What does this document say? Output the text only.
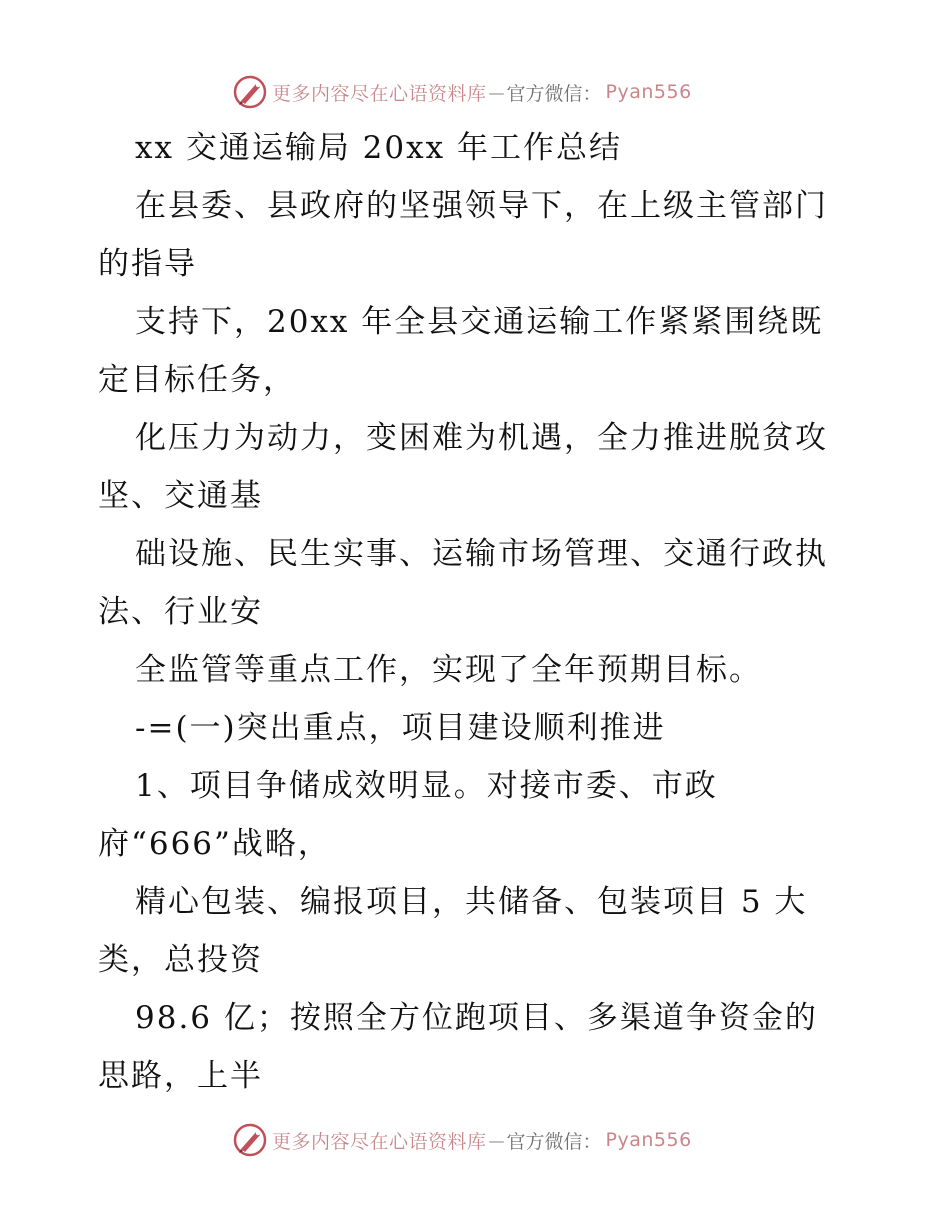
更多内容尽在心语资料库 — 官方微信： Pyan556
xx 交通运输局 20xx 年工作总结
在县委、县政府的坚强领导下，在上级主管部门
的指导
支持下，20xx 年全县交通运输工作紧紧围绕既
定目标任务，
化压力为动力，变困难为机遇，全力推进脱贫攻
坚、交通基
础设施、民生实事、运输市场管理、交通行政执
法、行业安
全监管等重点工作，实现了全年预期目标。
-=(一)突出重点，项目建设顺利推进
1、项目争储成效明显。对接市委、市政
府“666”战略，
精心包装、编报项目，共储备、包装项目 5 大
类，总投资
98.6 亿；按照全方位跑项目、多渠道争资金的
思路，上半
更多内容尽在心语资料库 — 官方微信： Pyan556
